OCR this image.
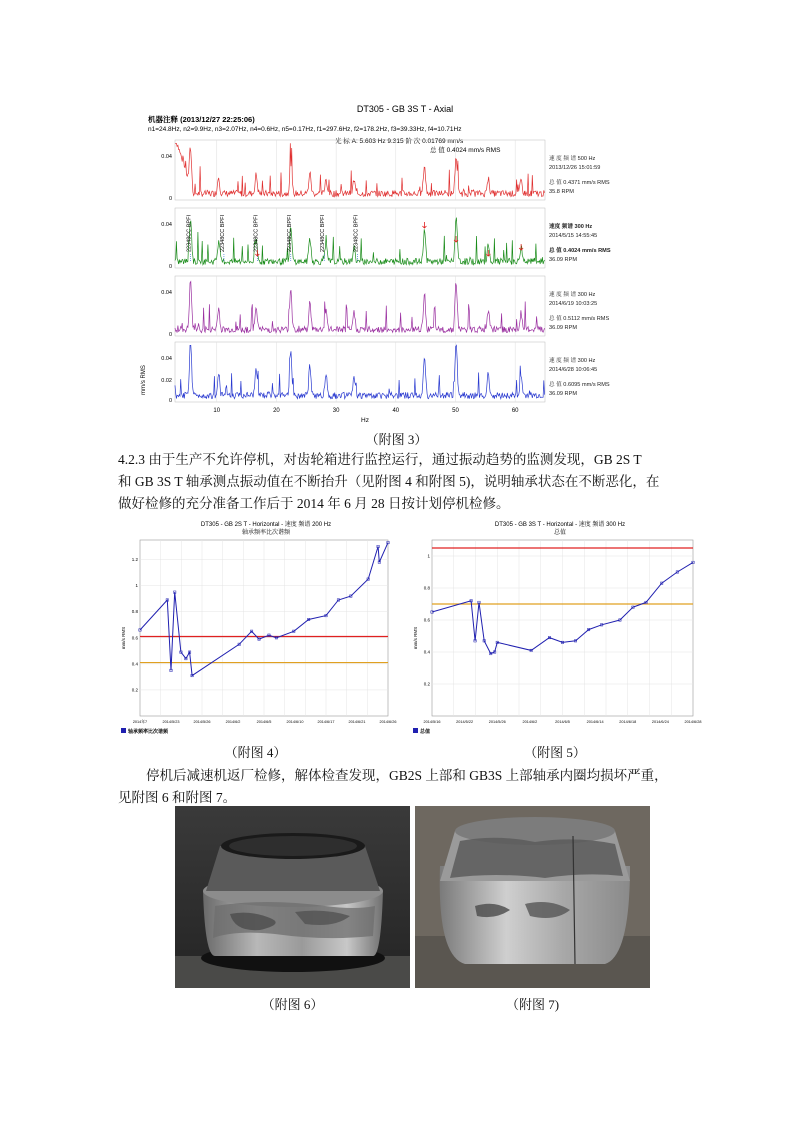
DT305 - GB 3S T - Axial
机器注释 (2013/12/27 22:25:06)
n1=24.8Hz, n2=9.9Hz, n3=2.07Hz, n4=0.6Hz, n5=0.17Hz, f1=297.6Hz, f2=178.2Hz, f3=39.33Hz, f4=10.71Hz
光 标 A: 5.603 Hz 9.315 阶 次 0.01769 mm/s
总 值 0.4024 mm/s RMS
0.04
0
速 度 频 谱 500 Hz
2013/12/26 15:01:59
总 值 0.4371 mm/s RMS
35.8 RPM
0.04
0
速度 频谱 300 Hz
2014/5/15 14:55:45
总 值 0.4024 mm/s RMS
36.09 RPM
0.04
0
速 度 频 谱 300 Hz
2014/6/19 10:03:25
总 值 0.5112 mm/s RMS
36.09 RPM
0.04
0.02
0
速 度 频 谱 300 Hz
2014/6/28 10:06:45
总 值 0.6095 mm/s RMS
36.09 RPM
10	20	30	40	50	60
22348CC BPFI	22348CC BPFI	22348CC BPFI	22348CC BPFI	22348CC BPFI	22348CC BPFI
mm/s RMS
Hz
（附图 3）
4.2.3 由于生产不允许停机，对齿轮箱进行监控运行，通过振动趋势的监测发现，GB 2S T
和 GB 3S T 轴承测点振动值在不断抬升（见附图 4 和附图 5)，说明轴承状态在不断恶化，在
做好检修的充分准备工作后于 2014 年 6 月 28 日按计划停机检修。
DT305 - GB 2S T - Horizontal - 速度 频谱 200 Hz
轴承频率比次谐频
mm/s RMS
1.2
1
0.8
0.6
0.4
0.2
2014年7	2014/5/23	2014/5/26	2014/6/2	2014/6/5	2014/6/10	2014/6/17	2014/6/21	2014/6/26
轴承频率比次谐频
（附图 4）
DT305 - GB 3S T - Horizontal - 速度 频谱 300 Hz
总值
mm/s RMS
1
0.8
0.6
0.4
0.2
2014/5/16	2014/5/22	2014/5/26	2014/6/2	2014/6/5	2014/6/14	2014/6/18	2014/6/24	2014/6/28
总值
（附图 5）
停机后减速机返厂检修，解体检查发现，GB2S 上部和 GB3S 上部轴承内圈均损坏严重，
见附图 6 和附图 7。
（附图 6）	（附图 7)
